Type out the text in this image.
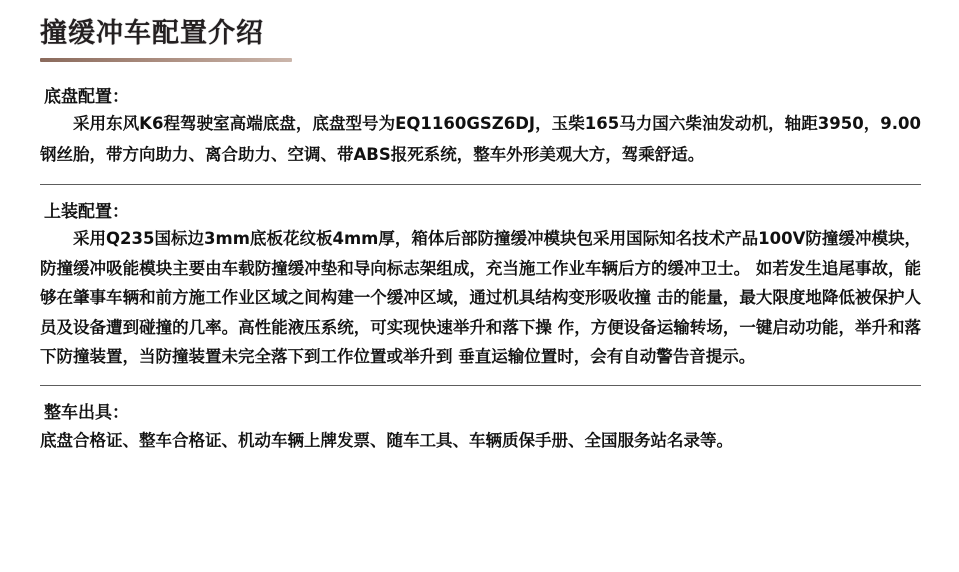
撞缓冲车配置介绍
底盘配置：

采用东风K6程驾驶室高端底盘，底盘型号为EQ1160GSZ6DJ，玉柴165马力国六柴油发动机，轴距3950，9.00钢丝胎，带方向助力、离合助力、空调、带ABS报死系统，整车外形美观大方，驾乘舒适。

上装配置：

采用Q235国标边3mm底板花纹板4mm厚，箱体后部防撞缓冲模块包采用国际知名技术产品100V防撞缓冲模块，防撞缓冲吸能模块主要由车载防撞缓冲垫和导向标志架组成，充当施工作业车辆后方的缓冲卫士。 如若发生追尾事故，能够在肇事车辆和前方施工作业区域之间构建一个缓冲区域，通过机具结构变形吸收撞 击的能量，最大限度地降低被保护人员及设备遭到碰撞的几率。高性能液压系统，可实现快速举升和落下操 作，方便设备运输转场，一键启动功能，举升和落下防撞装置，当防撞装置未完全落下到工作位置或举升到 垂直运输位置时，会有自动警告音提示。

整车出具：

底盘合格证、整车合格证、机动车辆上牌发票、随车工具、车辆质保手册、全国服务站名录等。
